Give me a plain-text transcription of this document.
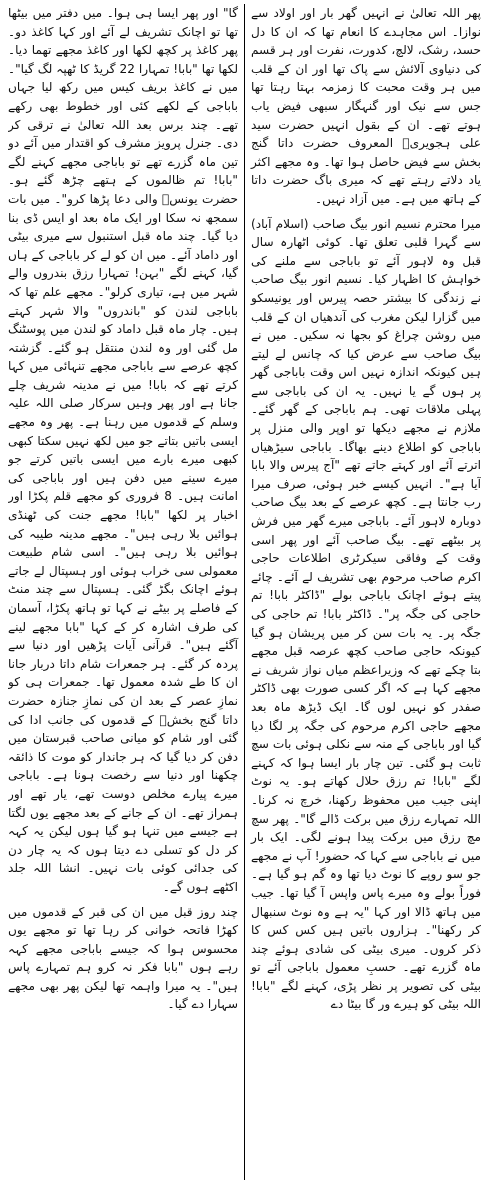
پھر اللہ تعالیٰ نے انہیں گھر بار اور اولاد سے نوازا۔ اس مجاہدے کا انعام تھا کہ ان کا دل حسد، رشک، لالچ، کدورت، نفرت اور ہر قسم کی دنیاوی آلائش سے پاک تھا اور ان کے قلب میں ہر وقت محبت کا زمزمہ بہتا رہتا تھا جس سے نیک اور گنہگار سبھی فیض یاب ہوتے تھے۔ ان کے بقول انہیں حضرت سید علی ہجویریؒ المعروف حضرت داتا گنج بخش سے فیض حاصل ہوا تھا۔ وہ مجھے اکثر یاد دلاتے رہتے تھے کہ میری باگ حضرت داتا کے ہاتھ میں ہے۔ میں آزاد نہیں۔

میرا محترم نسیم انور بیگ صاحب (اسلام آباد) سے گہرا قلبی تعلق تھا۔ کوئی اٹھارہ سال قبل وہ لاہور آئے تو باباجی سے ملنے کی خواہش کا اظہار کیا۔ نسیم انور بیگ صاحب نے زندگی کا بیشتر حصہ پیرس اور یونیسکو میں گزارا لیکن مغرب کی آندھیاں ان کے قلب میں روشن چراغ کو بجھا نہ سکیں۔ میں نے بیگ صاحب سے عرض کیا کہ چانس لے لیتے ہیں کیونکہ اندازہ نہیں اس وقت باباجی گھر پر ہوں گے یا نہیں۔ یہ ان کی باباجی سے پہلی ملاقات تھی۔ ہم باباجی کے گھر گئے۔ ملازم نے مجھے دیکھا تو اوپر والی منزل پر باباجی کو اطلاع دینے بھاگا۔ باباجی سیڑھیاں اترتے آئے اور کہتے جاتے تھے "آج پیرس والا بابا آیا ہے"۔ انہیں کیسے خبر ہوئی، صرف میرا رب جانتا ہے۔ کچھ عرصے کے بعد بیگ صاحب دوبارہ لاہور آئے۔ باباجی میرے گھر میں فرش پر بیٹھے تھے۔ بیگ صاحب آئے اور پھر اسی وقت کے وفاقی سیکرٹری اطلاعات حاجی اکرم صاحب مرحوم بھی تشریف لے آئے۔ چائے پیتے ہوئے اچانک باباجی بولے "ڈاکٹر بابا! تم حاجی کی جگہ پر"۔ ڈاکٹر بابا! تم حاجی کی جگہ پر۔ یہ بات سن کر میں پریشان ہو گیا کیونکہ حاجی صاحب کچھ عرصہ قبل مجھے بتا چکے تھے کہ وزیراعظم میاں نواز شریف نے مجھے کہا ہے کہ اگر کسی صورت بھی ڈاکٹر صفدر کو نہیں لوں گا۔ ایک ڈیڑھ ماہ بعد مجھے حاجی اکرم مرحوم کی جگہ پر لگا دیا گیا اور باباجی کے منہ سے نکلی ہوئی بات سچ ثابت ہو گئی۔ تین چار بار ایسا ہوا کہ کہنے لگے "بابا! تم رزق حلال کھاتے ہو۔ یہ نوٹ اپنی جیب میں محفوظ رکھنا، خرچ نہ کرنا۔ اللہ تمہارے رزق میں برکت ڈالے گا"۔ پھر سچ مچ رزق میں برکت پیدا ہونے لگی۔ ایک بار میں نے باباجی سے کہا کہ حضور! آپ نے مجھے جو سو روپے کا نوٹ دیا تھا وہ گم ہو گیا ہے۔ فوراً بولے وہ میرے پاس واپس آ گیا تھا۔ جیب میں ہاتھ ڈالا اور کہا "یہ ہے وہ نوٹ سنبھال کر رکھنا"۔ ہزاروں باتیں ہیں کس کس کا ذکر کروں۔ میری بیٹی کی شادی ہوئے چند ماہ گزرے تھے۔ حسبِ معمول باباجی آئے تو بیٹی کی تصویر پر نظر پڑی، کہنے لگے "بابا! اللہ بیٹی کو ہیرے ور گا بیٹا دے

گا" اور پھر ایسا ہی ہوا۔ میں دفتر میں بیٹھا تھا تو اچانک تشریف لے آئے اور کہا کاغذ دو۔ پھر کاغذ پر کچھ لکھا اور کاغذ مجھے تھما دیا۔ لکھا تھا "بابا! تمہارا 22 گریڈ کا ٹھپہ لگ گیا"۔ میں نے کاغذ بریف کیس میں رکھ لیا جہاں باباجی کے لکھے کئی اور خطوط بھی رکھے تھے۔ چند برس بعد اللہ تعالیٰ نے ترقی کر دی۔ جنرل پرویز مشرف کو اقتدار میں آئے دو تین ماہ گزرے تھے تو باباجی مجھے کہنے لگے "بابا! تم ظالموں کے ہتھے چڑھ گئے ہو۔ حضرت یونسؑ والی دعا پڑھا کرو"۔ میں بات سمجھ نہ سکا اور ایک ماہ بعد او ایس ڈی بنا دیا گیا۔ چند ماہ قبل استنبول سے میری بیٹی اور داماد آئے۔ میں ان کو لے کر باباجی کے ہاں گیا، کہنے لگے "بہن! تمہارا رزق بندروں والے شہر میں ہے، تیاری کرلو"۔ مجھے علم تھا کہ باباجی لندن کو "باندروں" والا شہر کہتے ہیں۔ چار ماہ قبل داماد کو لندن میں پوسٹنگ مل گئی اور وہ لندن منتقل ہو گئے۔ گزشتہ کچھ عرصے سے باباجی مجھے تنہائی میں کہا کرتے تھے کہ بابا! میں نے مدینہ شریف چلے جانا ہے اور پھر وہیں سرکار صلی اللہ علیہ وسلم کے قدموں میں رہنا ہے۔ پھر وہ مجھے ایسی باتیں بتاتے جو میں لکھ نہیں سکتا کبھی کبھی میرے بارے میں ایسی باتیں کرتے جو میرے سینے میں دفن ہیں اور باباجی کی امانت ہیں۔ 8 فروری کو مجھے قلم پکڑا اور اخبار پر لکھا "بابا! مجھے جنت کی ٹھنڈی ہوائیں بلا رہی ہیں"۔ مجھے مدینہ طیبہ کی ہوائیں بلا رہی ہیں"۔ اسی شام طبیعت معمولی سی خراب ہوئی اور ہسپتال لے جاتے ہوئے اچانک بگڑ گئی۔ ہسپتال سے چند منٹ کے فاصلے پر بیٹے نے کہا تو ہاتھ پکڑا، آسمان کی طرف اشارہ کر کے کہا "بابا مجھے لینے آگئے ہیں"۔ قرآنی آیات پڑھیں اور دنیا سے پردہ کر گئے۔ ہر جمعرات شام داتا دربار جانا ان کا طے شدہ معمول تھا۔ جمعرات ہی کو نمازِ عصر کے بعد ان کی نمازِ جنازہ حضرت داتا گنج بخشؒ کے قدموں کی جانب ادا کی گئی اور شام کو میانی صاحب قبرستان میں دفن کر دیا گیا کہ ہر جاندار کو موت کا ذائقہ چکھنا اور دنیا سے رخصت ہونا ہے۔ باباجی میرے پیارے مخلص دوست تھے، یار تھے اور ہمراز تھے۔ ان کے جانے کے بعد مجھے یوں لگتا ہے جیسے میں تنہا ہو گیا ہوں لیکن یہ کہہ کر دل کو تسلی دے دیتا ہوں کہ یہ چار دن کی جدائی کوئی بات نہیں۔ انشا اللہ جلد اکٹھے ہوں گے۔

چند روز قبل میں ان کی قبر کے قدموں میں کھڑا فاتحہ خوانی کر رہا تھا تو مجھے یوں محسوس ہوا کہ جیسے باباجی مجھے کہہ رہے ہوں "بابا فکر نہ کرو ہم تمہارے پاس ہیں"۔ یہ میرا واہمہ تھا لیکن پھر بھی مجھے سہارا دے گیا۔
